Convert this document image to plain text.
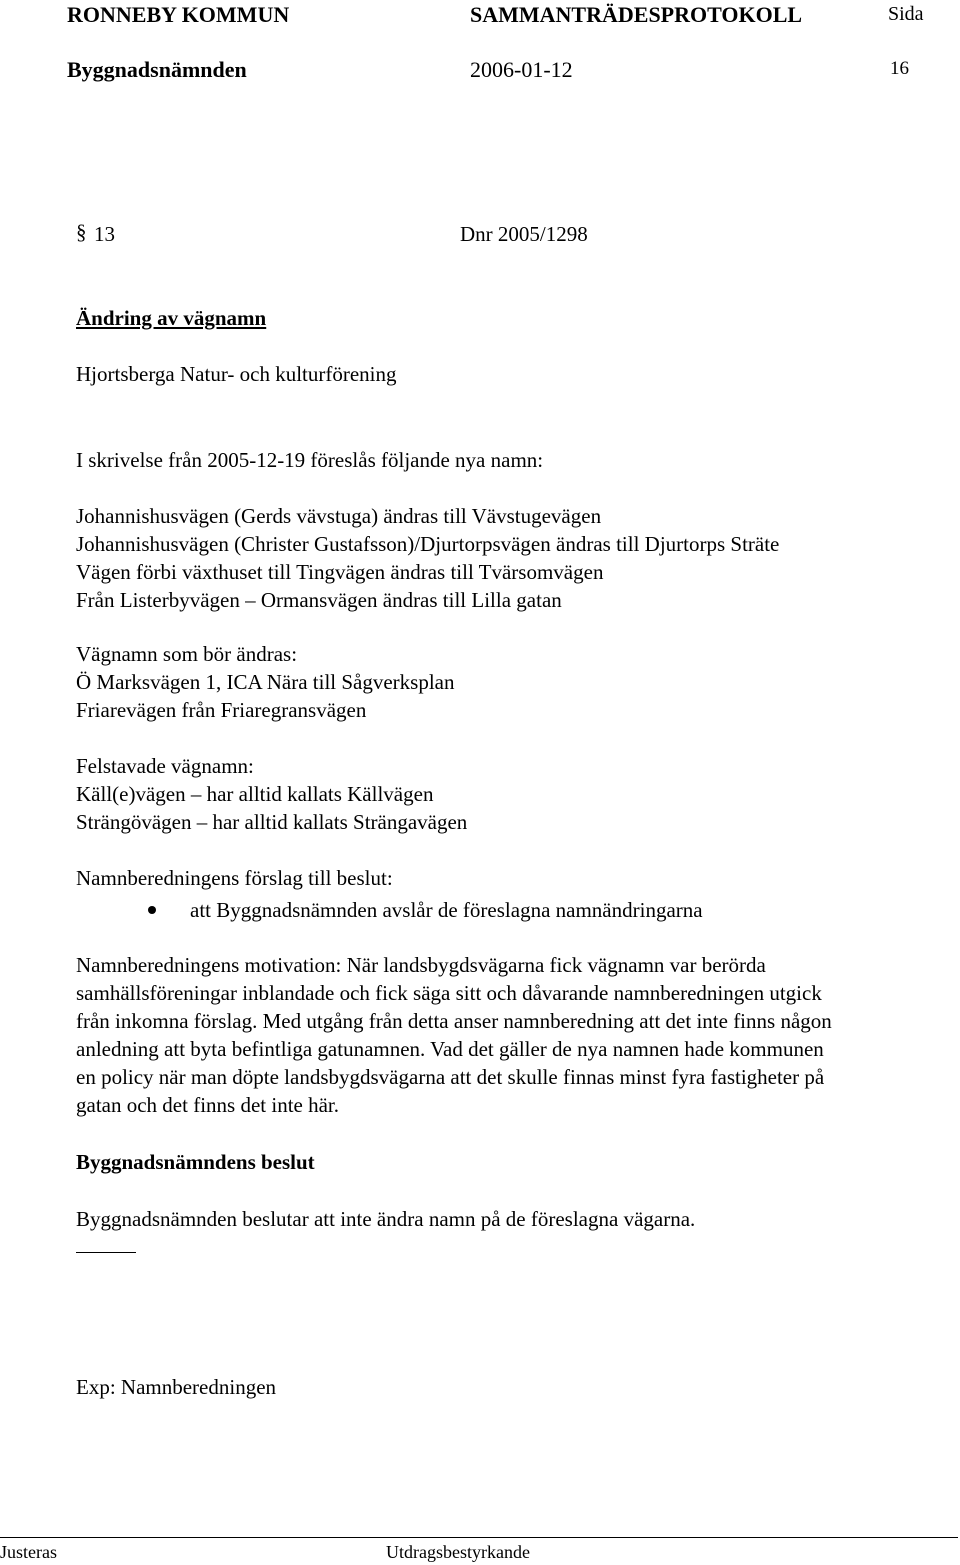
RONNEBY KOMMUN	SAMMANTRÄDESPROTOKOLL	Sida
Byggnadsnämnden	2006-01-12	16
§ 13	Dnr 2005/1298
Ändring av vägnamn
Hjortsberga Natur- och kulturförening
I skrivelse från 2005-12-19 föreslås följande nya namn:
Johannishusvägen (Gerds vävstuga) ändras till Vävstugevägen
Johannishusvägen (Christer Gustafsson)/Djurtorpsvägen ändras till Djurtorps Sträte
Vägen förbi växthuset till Tingvägen ändras till Tvärsomvägen
Från Listerbyvägen – Ormansvägen ändras till Lilla gatan
Vägnamn som bör ändras:
Ö Marksvägen 1, ICA Nära till Sågverksplan
Friarevägen från Friaregransvägen
Felstavade vägnamn:
Käll(e)vägen – har alltid kallats Källvägen
Strängövägen – har alltid kallats Strängavägen
Namnberedningens förslag till beslut:
att Byggnadsnämnden avslår de föreslagna namnändringarna
Namnberedningens motivation: När landsbygdsvägarna fick vägnamn var berörda
samhällsföreningar inblandade och fick säga sitt och dåvarande namnberedningen utgick
från inkomna förslag. Med utgång från detta anser namnberedning att det inte finns någon
anledning att byta befintliga gatunamnen. Vad det gäller de nya namnen hade kommunen
en policy när man döpte landsbygdsvägarna att det skulle finnas minst fyra fastigheter på
gatan och det finns det inte här.
Byggnadsnämndens beslut
Byggnadsnämnden beslutar att inte ändra namn på de föreslagna vägarna.
Exp: Namnberedningen
Justeras	Utdragsbestyrkande
